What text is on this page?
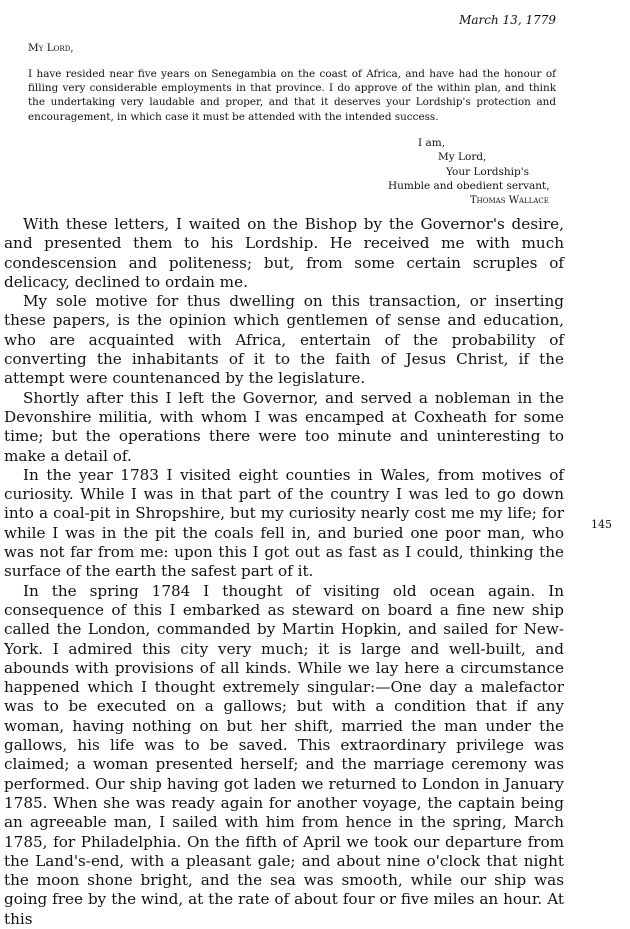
March 13, 1779
My Lord,

I have resided near five years on Senegambia on the coast of Africa, and have had the honour of filling very considerable employments in that province. I do approve of the within plan, and think the undertaking very laudable and proper, and that it deserves your Lordship's protection and encouragement, in which case it must be attended with the intended success.

I am,
My Lord,
Your Lordship's
Humble and obedient servant,
Thomas Wallace

With these letters, I waited on the Bishop by the Governor's desire, and presented them to his Lordship. He received me with much condescension and politeness; but, from some certain scruples of delicacy, declined to ordain me.

My sole motive for thus dwelling on this transaction, or inserting these papers, is the opinion which gentlemen of sense and education, who are acquainted with Africa, entertain of the probability of converting the inhabitants of it to the faith of Jesus Christ, if the attempt were countenanced by the legislature.

Shortly after this I left the Governor, and served a nobleman in the Devonshire militia, with whom I was encamped at Coxheath for some time; but the operations there were too minute and uninteresting to make a detail of.

In the year 1783 I visited eight counties in Wales, from motives of curiosity. While I was in that part of the country I was led to go down into a coal-pit in Shropshire, but my curiosity nearly cost me my life; for while I was in the pit the coals fell in, and buried one poor man, who was not far from me: upon this I got out as fast as I could, thinking the surface of the earth the safest part of it.

In the spring 1784 I thought of visiting old ocean again. In consequence of this I embarked as steward on board a fine new ship called the London, commanded by Martin Hopkin, and sailed for New-York. I admired this city very much; it is large and well-built, and abounds with provisions of all kinds. While we lay here a circumstance happened which I thought extremely singular:—One day a malefactor was to be executed on a gallows; but with a condition that if any woman, having nothing on but her shift, married the man under the gallows, his life was to be saved. This extraordinary privilege was claimed; a woman presented herself; and the marriage ceremony was performed. Our ship having got laden we returned to London in January 1785. When she was ready again for another voyage, the captain being an agreeable man, I sailed with him from hence in the spring, March 1785, for Philadelphia. On the fifth of April we took our departure from the Land's-end, with a pleasant gale; and about nine o'clock that night the moon shone bright, and the sea was smooth, while our ship was going free by the wind, at the rate of about four or five miles an hour. At this

145
